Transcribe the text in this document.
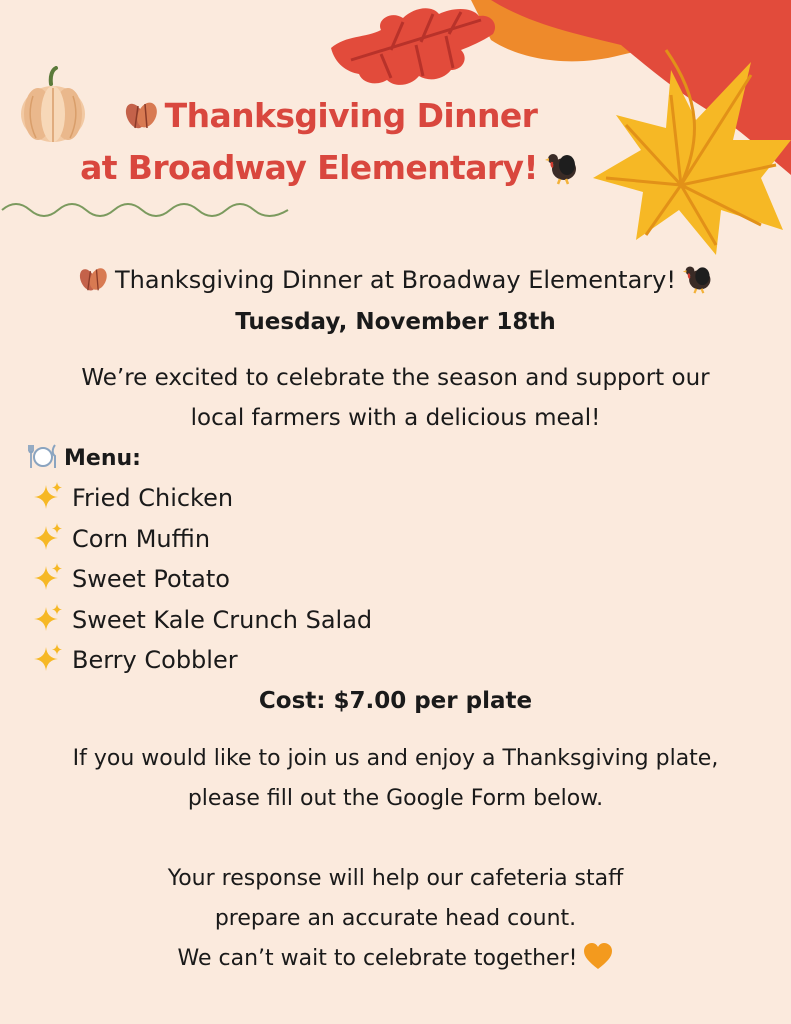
Thanksgiving Dinner
at Broadway Elementary!
Thanksgiving Dinner at Broadway Elementary!
Tuesday, November 18th
We’re excited to celebrate the season and support our
local farmers with a delicious meal!
Menu:
Fried Chicken
Corn Muffin
Sweet Potato
Sweet Kale Crunch Salad
Berry Cobbler
Cost: $7.00 per plate
If you would like to join us and enjoy a Thanksgiving plate,
please fill out the Google Form below.
Your response will help our cafeteria staff
prepare an accurate head count.
We can’t wait to celebrate together!
